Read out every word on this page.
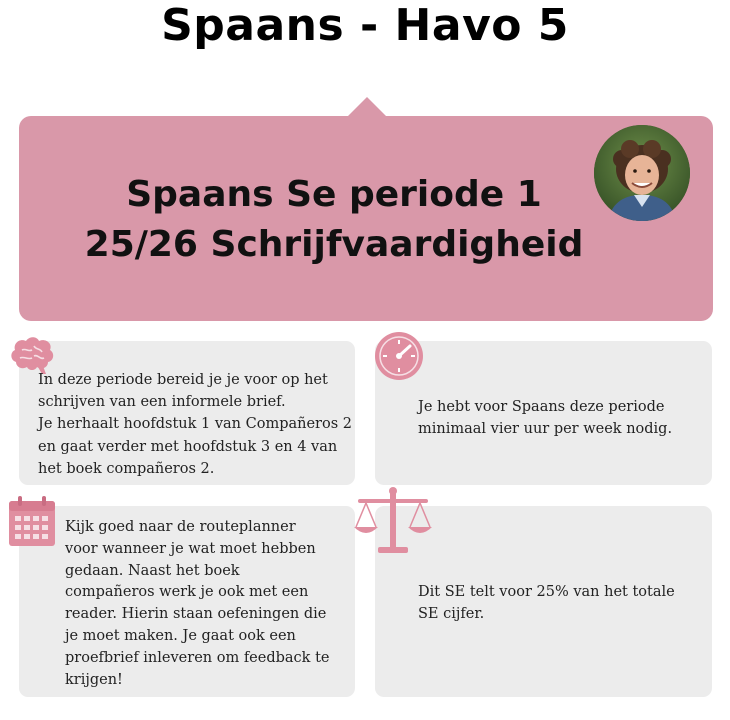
Spaans - Havo 5
Spaans Se periode 1
25/26 Schrijfvaardigheid
In deze periode bereid je je voor op het
schrijven van een informele brief.
Je herhaalt hoofdstuk 1 van Compañeros 2
en gaat verder met hoofdstuk 3 en 4 van
het boek compañeros 2.
Je hebt voor Spaans deze periode
minimaal vier uur per week nodig.
Kijk goed naar de routeplanner
voor wanneer je wat moet hebben
gedaan. Naast het boek
compañeros werk je ook met een
reader. Hierin staan oefeningen die
je moet maken. Je gaat ook een
proefbrief inleveren om feedback te
krijgen!
Dit SE telt voor 25% van het totale
SE cijfer.
